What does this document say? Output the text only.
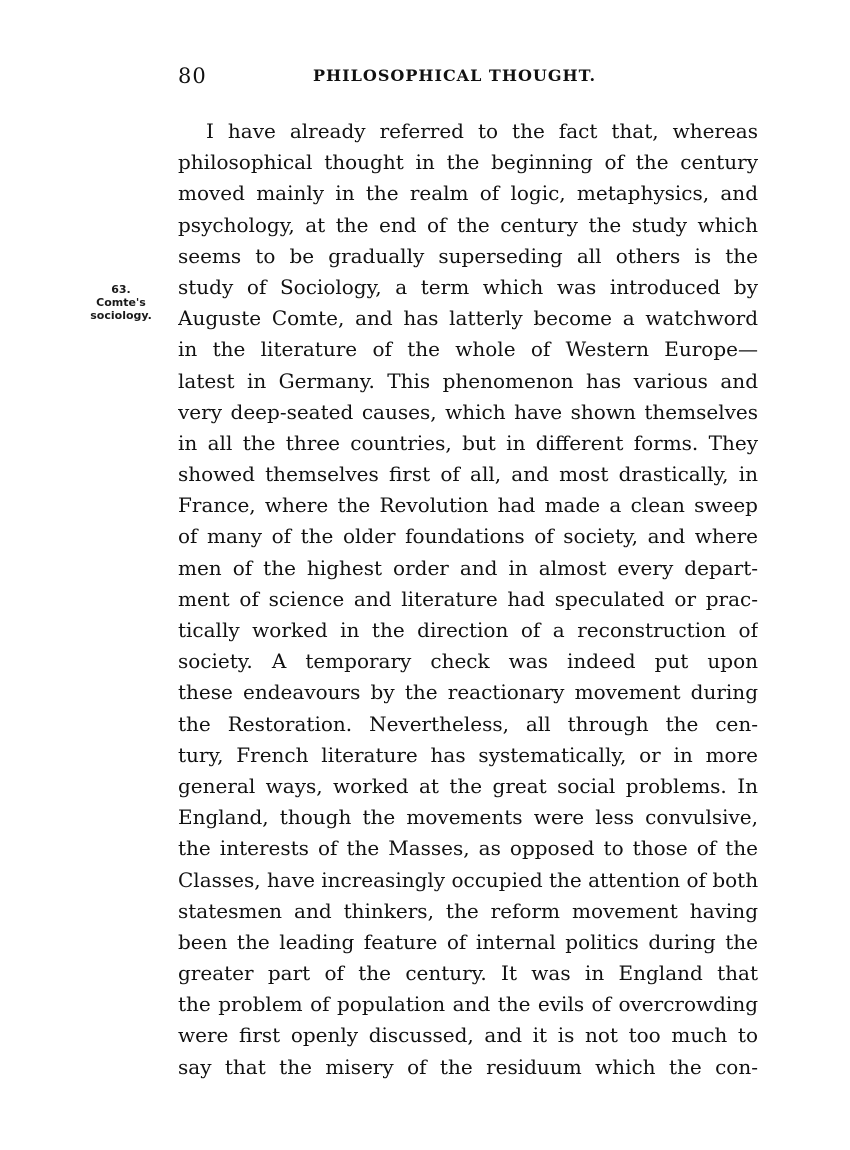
80	PHILOSOPHICAL THOUGHT.
63.
Comte's
sociology.
I have already referred to the fact that, whereas
philosophical thought in the beginning of the century
moved mainly in the realm of logic, metaphysics, and
psychology, at the end of the century the study which
seems to be gradually superseding all others is the
study of Sociology, a term which was introduced by
Auguste Comte, and has latterly become a watchword
in the literature of the whole of Western Europe—
latest in Germany. This phenomenon has various and
very deep-seated causes, which have shown themselves
in all the three countries, but in different forms. They
showed themselves first of all, and most drastically, in
France, where the Revolution had made a clean sweep
of many of the older foundations of society, and where
men of the highest order and in almost every depart-
ment of science and literature had speculated or prac-
tically worked in the direction of a reconstruction of
society. A temporary check was indeed put upon
these endeavours by the reactionary movement during
the Restoration. Nevertheless, all through the cen-
tury, French literature has systematically, or in more
general ways, worked at the great social problems. In
England, though the movements were less convulsive,
the interests of the Masses, as opposed to those of the
Classes, have increasingly occupied the attention of both
statesmen and thinkers, the reform movement having
been the leading feature of internal politics during the
greater part of the century. It was in England that
the problem of population and the evils of overcrowding
were first openly discussed, and it is not too much to
say that the misery of the residuum which the con-
